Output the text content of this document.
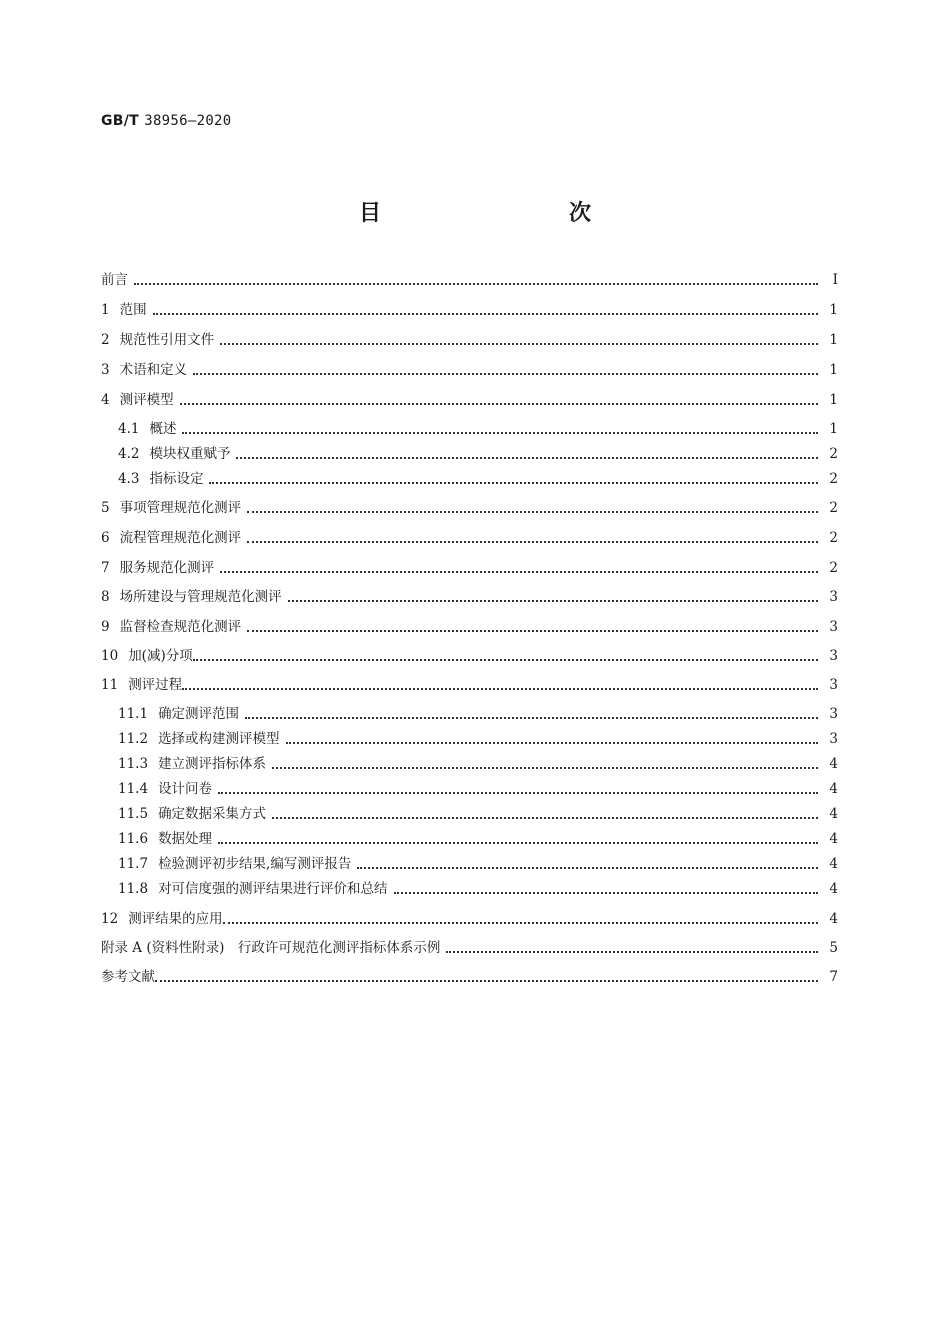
GB/T 38956—2020
目　　次
前言	Ⅰ
1 范围	1
2 规范性引用文件	1
3 术语和定义	1
4 测评模型	1
4.1 概述	1
4.2 模块权重赋予	2
4.3 指标设定	2
5 事项管理规范化测评	2
6 流程管理规范化测评	2
7 服务规范化测评	2
8 场所建设与管理规范化测评	3
9 监督检查规范化测评	3
10 加(减)分项	3
11 测评过程	3
11.1 确定测评范围	3
11.2 选择或构建测评模型	3
11.3 建立测评指标体系	4
11.4 设计问卷	4
11.5 确定数据采集方式	4
11.6 数据处理	4
11.7 检验测评初步结果,编写测评报告	4
11.8 对可信度强的测评结果进行评价和总结	4
12 测评结果的应用	4
附录 A (资料性附录)　行政许可规范化测评指标体系示例	5
参考文献	7
